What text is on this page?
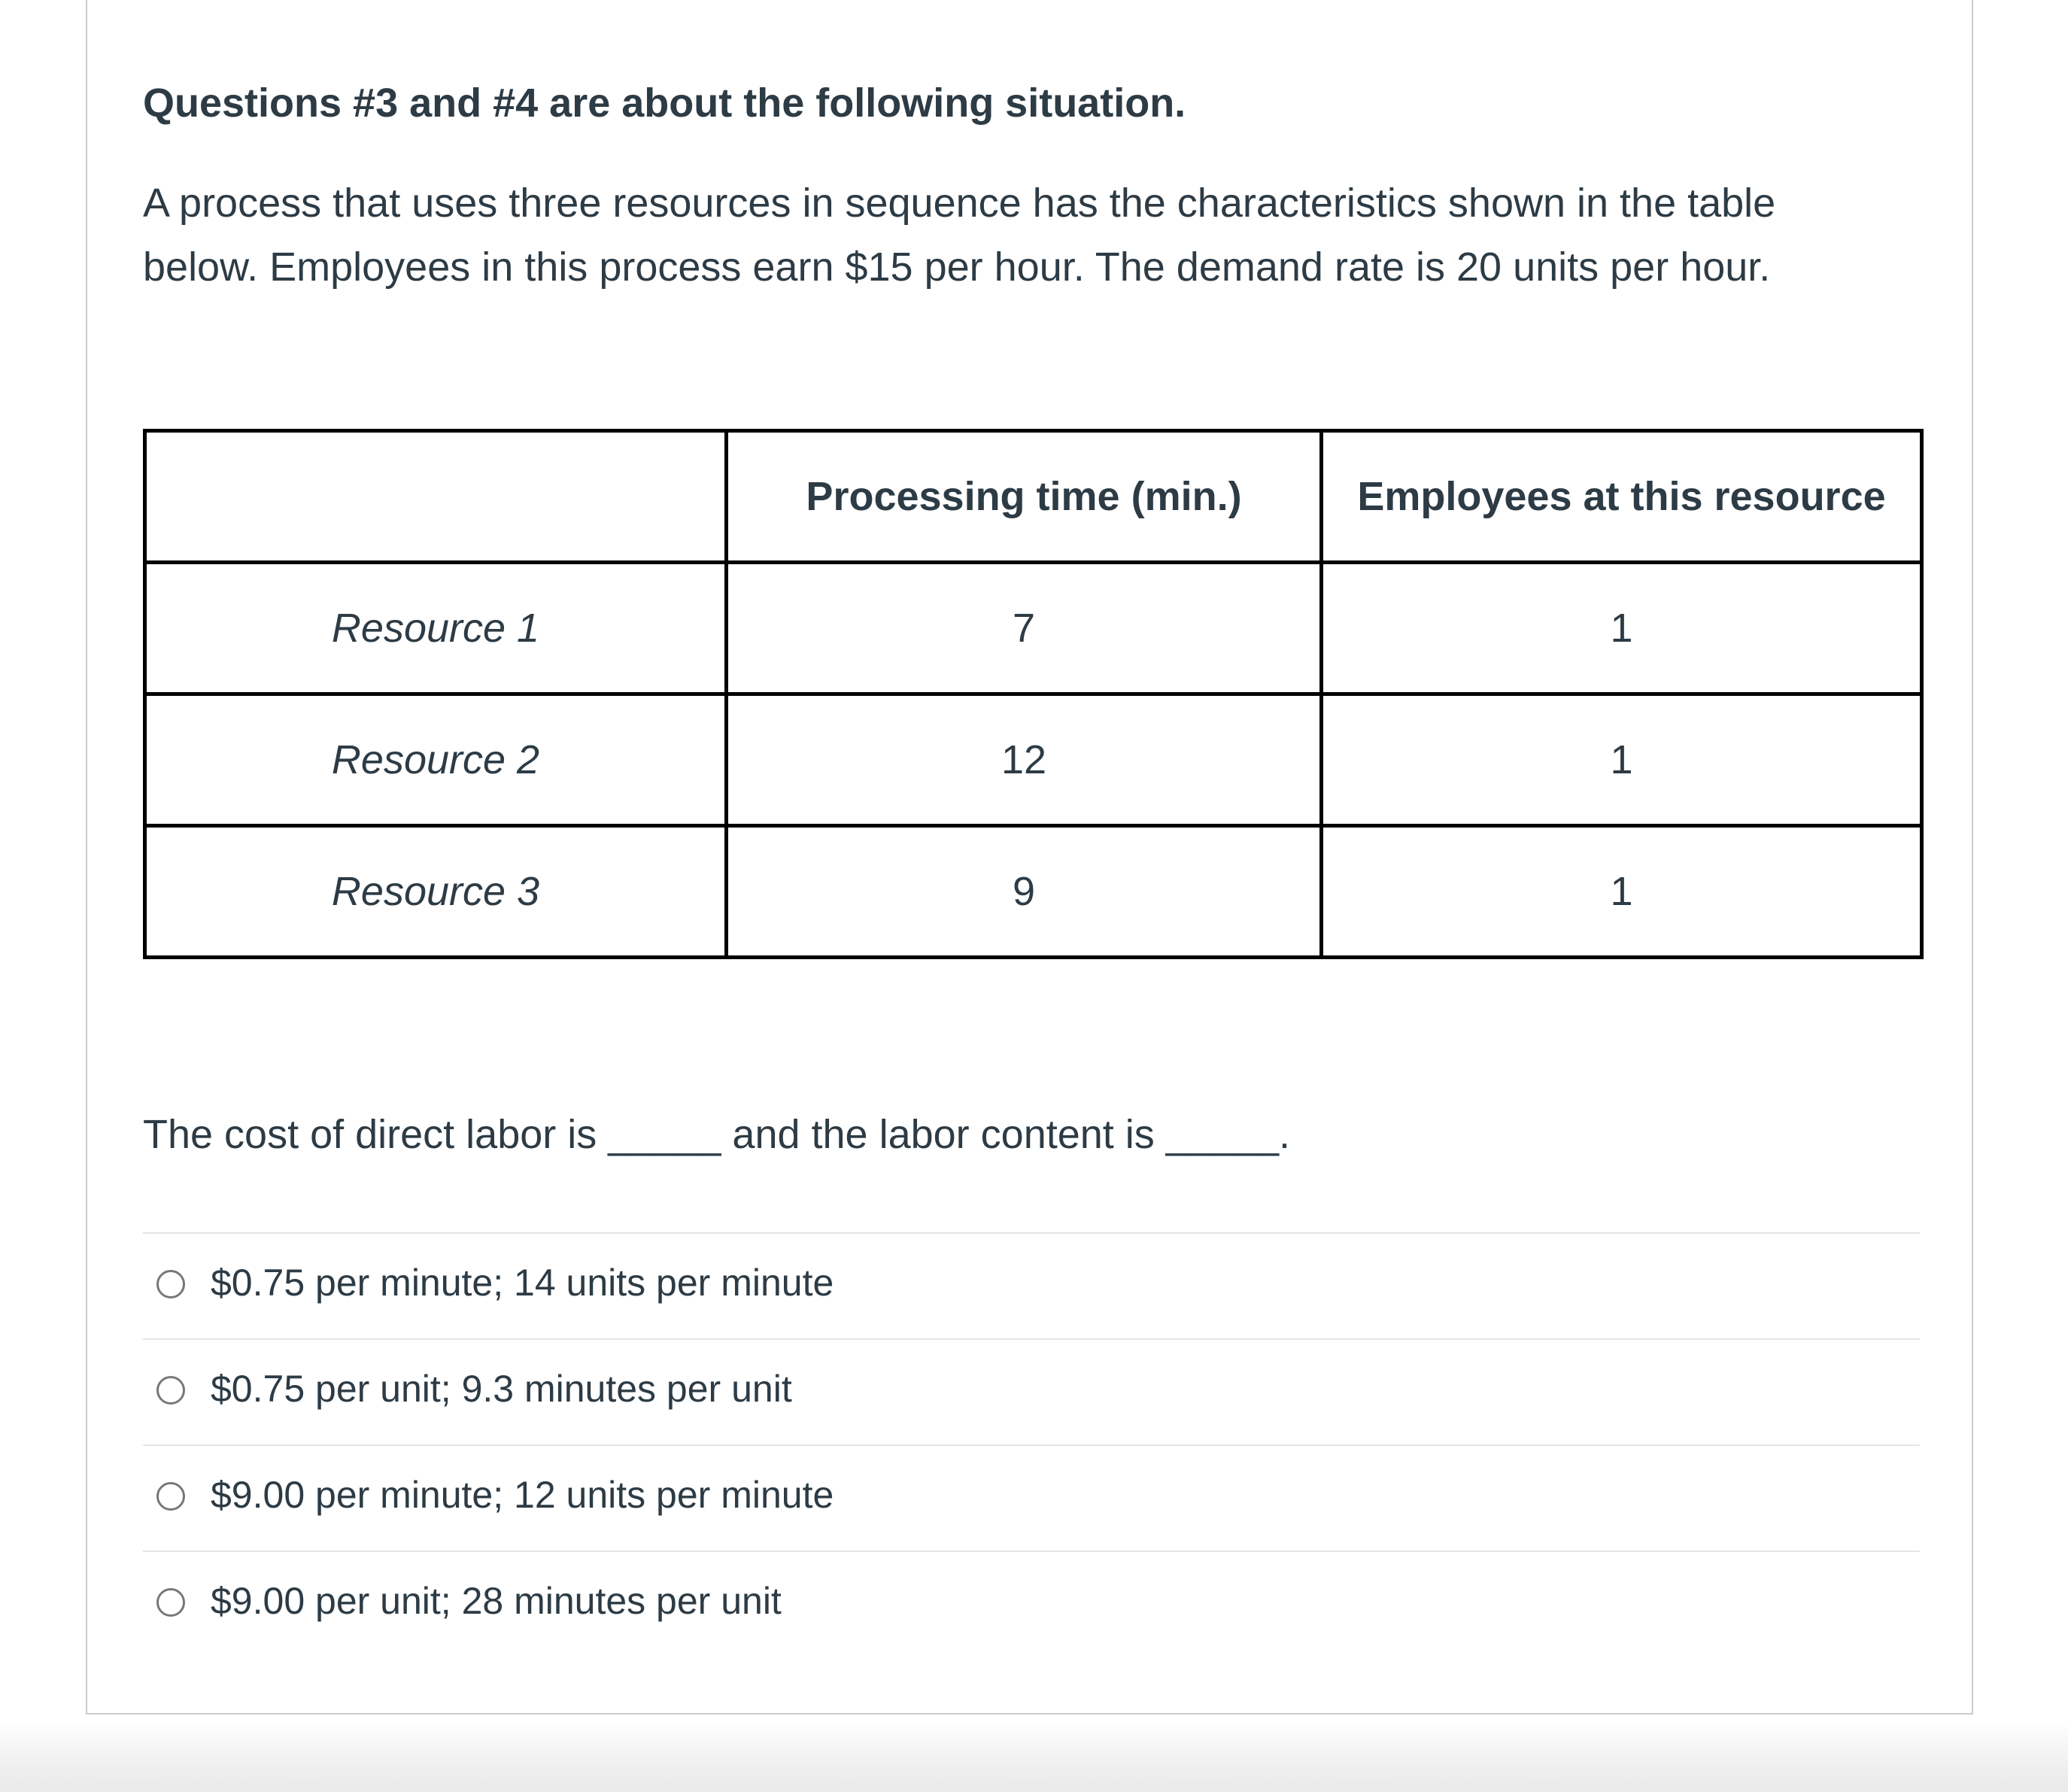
Questions #3 and #4 are about the following situation.

A process that uses three resources in sequence has the characteristics shown in the table

below. Employees in this process earn $15 per hour. The demand rate is 20 units per hour.

	Processing time (min.)	Employees at this resource
Resource 1	7	1
Resource 2	12	1
Resource 3	9	1

The cost of direct labor is _____ and the labor content is _____.

$0.75 per minute; 14 units per minute
$0.75 per unit; 9.3 minutes per unit
$9.00 per minute; 12 units per minute
$9.00 per unit; 28 minutes per unit
